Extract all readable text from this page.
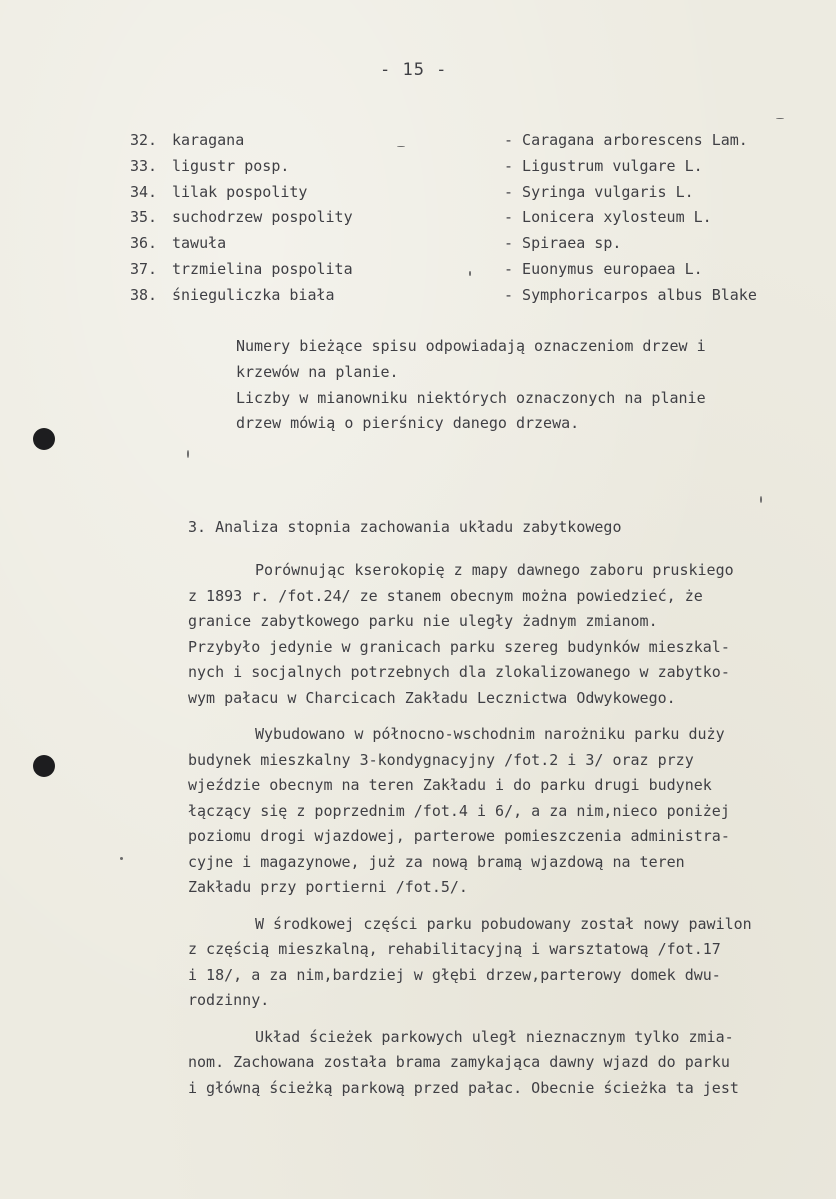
- 15 -
32. karagana	- Caragana arborescens Lam.
33. ligustr posp.	- Ligustrum vulgare L.
34. lilak pospolity	- Syringa vulgaris L.
35. suchodrzew pospolity	- Lonicera xylosteum L.
36. tawuła	- Spiraea sp.
37. trzmielina pospolita	- Euonymus europaea L.
38. śnieguliczka biała	- Symphoricarpos albus Blake

Numery bieżące spisu odpowiadają oznaczeniom drzew i

krzewów na planie.

Liczby w mianowniku niektórych oznaczonych na planie

drzew mówią o pierśnicy danego drzewa.

3. Analiza stopnia zachowania układu zabytkowego
Porównując kserokopię z mapy dawnego zaboru pruskiego
z 1893 r. /fot.24/ ze stanem obecnym można powiedzieć, że
granice zabytkowego parku nie uległy żadnym zmianom.
Przybyło jedynie w granicach parku szereg budynków mieszkal-
nych i socjalnych potrzebnych dla zlokalizowanego w zabytko-
wym pałacu w Charcicach Zakładu Lecznictwa Odwykowego.
Wybudowano w północno-wschodnim narożniku parku duży
budynek mieszkalny 3-kondygnacyjny /fot.2 i 3/ oraz przy
wjeździe obecnym na teren Zakładu i do parku drugi budynek
łączący się z poprzednim /fot.4 i 6/, a za nim,nieco poniżej
poziomu drogi wjazdowej, parterowe pomieszczenia administra-
cyjne i magazynowe, już za nową bramą wjazdową na teren
Zakładu przy portierni /fot.5/.
W środkowej części parku pobudowany został nowy pawilon
z częścią mieszkalną, rehabilitacyjną i warsztatową /fot.17
i 18/, a za nim,bardziej w głębi drzew,parterowy domek dwu-
rodzinny.
Układ ścieżek parkowych uległ nieznacznym tylko zmia-
nom. Zachowana została brama zamykająca dawny wjazd do parku
i główną ścieżką parkową przed pałac. Obecnie ścieżka ta jest
